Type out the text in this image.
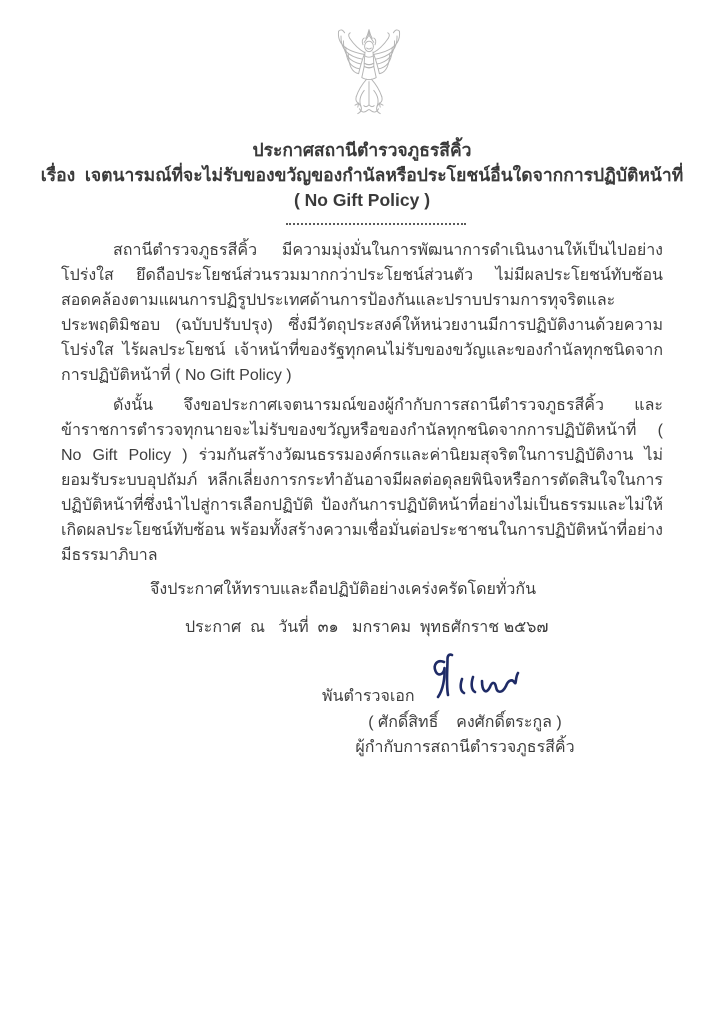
ประกาศสถานีตำรวจภูธรสีคิ้ว
เรื่อง  เจตนารมณ์ที่จะไม่รับของขวัญของกำนัลหรือประโยชน์อื่นใดจากการปฏิบัติหน้าที่
( No Gift Policy )

สถานีตำรวจภูธรสีคิ้ว มีความมุ่งมั่นในการพัฒนาการดำเนินงานให้เป็นไปอย่างโปร่งใส ยึดถือประโยชน์ส่วนรวมมากกว่าประโยชน์ส่วนตัว ไม่มีผลประโยชน์ทับซ้อน สอดคล้องตามแผนการปฏิรูปประเทศด้านการป้องกันและปราบปรามการทุจริตและประพฤติมิชอบ (ฉบับปรับปรุง) ซึ่งมีวัตถุประสงค์ให้หน่วยงานมีการปฏิบัติงานด้วยความโปร่งใส ไร้ผลประโยชน์ เจ้าหน้าที่ของรัฐทุกคนไม่รับของขวัญและของกำนัลทุกชนิดจากการปฏิบัติหน้าที่ ( No Gift Policy )

ดังนั้น จึงขอประกาศเจตนารมณ์ของผู้กำกับการสถานีตำรวจภูธรสีคิ้ว และข้าราชการตำรวจทุกนายจะไม่รับของขวัญหรือของกำนัลทุกชนิดจากการปฏิบัติหน้าที่ ( No Gift Policy ) ร่วมกันสร้างวัฒนธรรมองค์กรและค่านิยมสุจริตในการปฏิบัติงาน ไม่ยอมรับระบบอุปถัมภ์ หลีกเลี่ยงการกระทำอันอาจมีผลต่อดุลยพินิจหรือการตัดสินใจในการปฏิบัติหน้าที่ซึ่งนำไปสู่การเลือกปฏิบัติ ป้องกันการปฏิบัติหน้าที่อย่างไม่เป็นธรรมและไม่ให้เกิดผลประโยชน์ทับซ้อน พร้อมทั้งสร้างความเชื่อมั่นต่อประชาชนในการปฏิบัติหน้าที่อย่างมีธรรมาภิบาล

จึงประกาศให้ทราบและถือปฏิบัติอย่างเคร่งครัดโดยทั่วกัน
ประกาศ  ณ   วันที่  ๓๑   มกราคม  พุทธศักราช ๒๕๖๗
พันตำรวจเอก
( ศักดิ์สิทธิ์    คงศักดิ์ตระกูล )
ผู้กำกับการสถานีตำรวจภูธรสีคิ้ว
